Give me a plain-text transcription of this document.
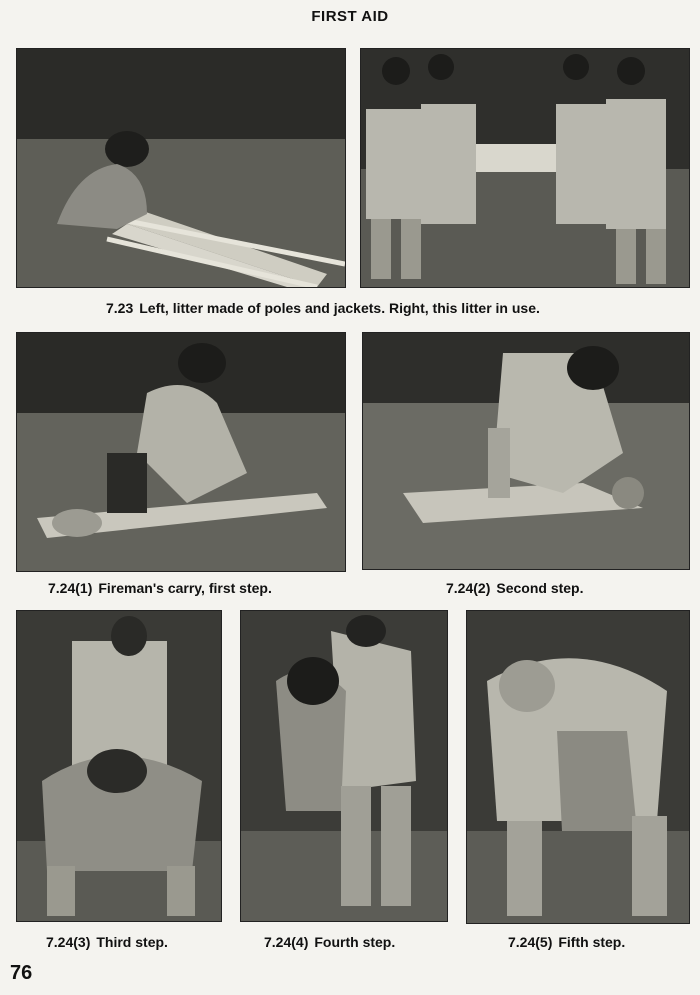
FIRST AID
7.23 Left, litter made of poles and jackets. Right, this litter in use.
7.24(1) Fireman's carry, first step.	7.24(2) Second step.
7.24(3) Third step.	7.24(4) Fourth step.	7.24(5) Fifth step.
76
